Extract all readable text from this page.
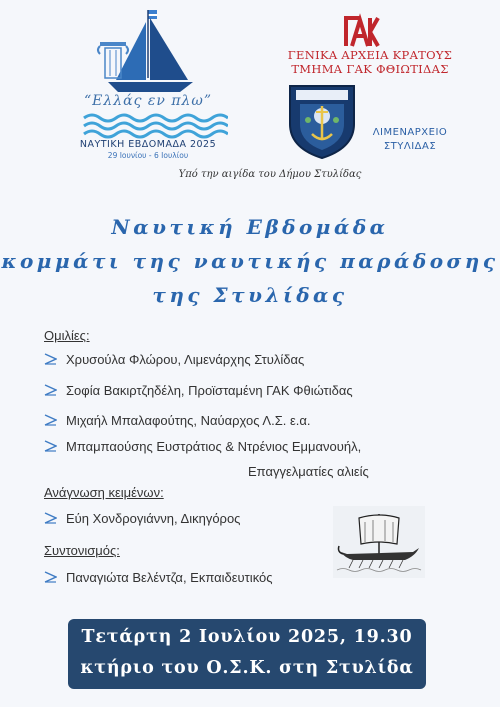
“Ελλάς εν πλω”
ΝΑΥΤΙΚΗ ΕΒΔΟΜΑΔΑ 2025
29 Ιουνίου - 6 Ιουλίου
ΓΕΝΙΚΑ ΑΡΧΕΙΑ ΚΡΑΤΟΥΣ
ΤΜΗΜΑ ΓΑΚ ΦΘΙΩΤΙΔΑΣ
ΛΙΜΕΝΑΡΧΕΙΟ
ΣΤΥΛΙΔΑΣ
Υπό την αιγίδα του Δήμου Στυλίδας
Ναυτική Εβδομάδα
κομμάτι της ναυτικής παράδοσης
της Στυλίδας
Ομιλίες:
Χρυσούλα Φλώρου, Λιμενάρχης Στυλίδας
Σοφία Βακιρτζηδέλη, Προϊσταμένη ΓΑΚ Φθιώτιδας
Μιχαήλ Μπαλαφούτης, Ναύαρχος Λ.Σ. ε.α.
Μπαμπαούσης Ευστράτιος & Ντρένιος Εμμανουήλ,
Επαγγελματίες αλιείς
Ανάγνωση κειμένων:
Εύη Χονδρογιάννη, Δικηγόρος
Συντονισμός:
Παναγιώτα Βελέντζα, Εκπαιδευτικός
Τετάρτη 2 Ιουλίου 2025, 19.30
κτήριο του Ο.Σ.Κ. στη Στυλίδα
